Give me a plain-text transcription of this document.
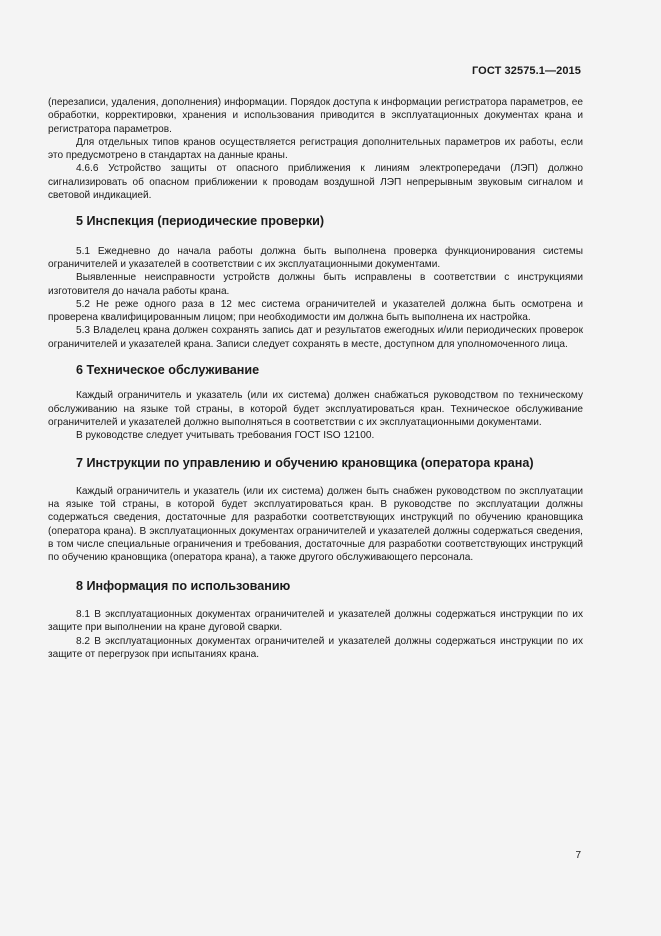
ГОСТ 32575.1—2015

(перезаписи, удаления, дополнения) информации. Порядок доступа к информации регистратора параметров, ее обработки, корректировки, хранения и использования приводится в эксплуатационных документах крана и регистратора параметров.

Для отдельных типов кранов осуществляется регистрация дополнительных параметров их работы, если это предусмотрено в стандартах на данные краны.

4.6.6 Устройство защиты от опасного приближения к линиям электропередачи (ЛЭП) должно сигнализировать об опасном приближении к проводам воздушной ЛЭП непрерывным звуковым сигналом и световой индикацией.

5 Инспекция (периодические проверки)

5.1 Ежедневно до начала работы должна быть выполнена проверка функционирования системы ограничителей и указателей в соответствии с их эксплуатационными документами.

Выявленные неисправности устройств должны быть исправлены в соответствии с инструкциями изготовителя до начала работы крана.

5.2 Не реже одного раза в 12 мес система ограничителей и указателей должна быть осмотрена и проверена квалифицированным лицом; при необходимости им должна быть выполнена их настройка.

5.3 Владелец крана должен сохранять запись дат и результатов ежегодных и/или периодических проверок ограничителей и указателей крана. Записи следует сохранять в месте, доступном для уполномоченного лица.

6 Техническое обслуживание

Каждый ограничитель и указатель (или их система) должен снабжаться руководством по техническому обслуживанию на языке той страны, в которой будет эксплуатироваться кран. Техническое обслуживание ограничителей и указателей должно выполняться в соответствии с их эксплуатационными документами.

В руководстве следует учитывать требования ГОСТ ISO 12100.

7 Инструкции по управлению и обучению крановщика (оператора крана)

Каждый ограничитель и указатель (или их система) должен быть снабжен руководством по эксплуатации на языке той страны, в которой будет эксплуатироваться кран. В руководстве по эксплуатации должны содержаться сведения, достаточные для разработки соответствующих инструкций по обучению крановщика (оператора крана). В эксплуатационных документах ограничителей и указателей должны содержаться сведения, в том числе специальные ограничения и требования, достаточные для разработки соответствующих инструкций по обучению крановщика (оператора крана), а также другого обслуживающего персонала.

8 Информация по использованию

8.1 В эксплуатационных документах ограничителей и указателей должны содержаться инструкции по их защите при выполнении на кране дуговой сварки.

8.2 В эксплуатационных документах ограничителей и указателей должны содержаться инструкции по их защите от перегрузок при испытаниях крана.

7
